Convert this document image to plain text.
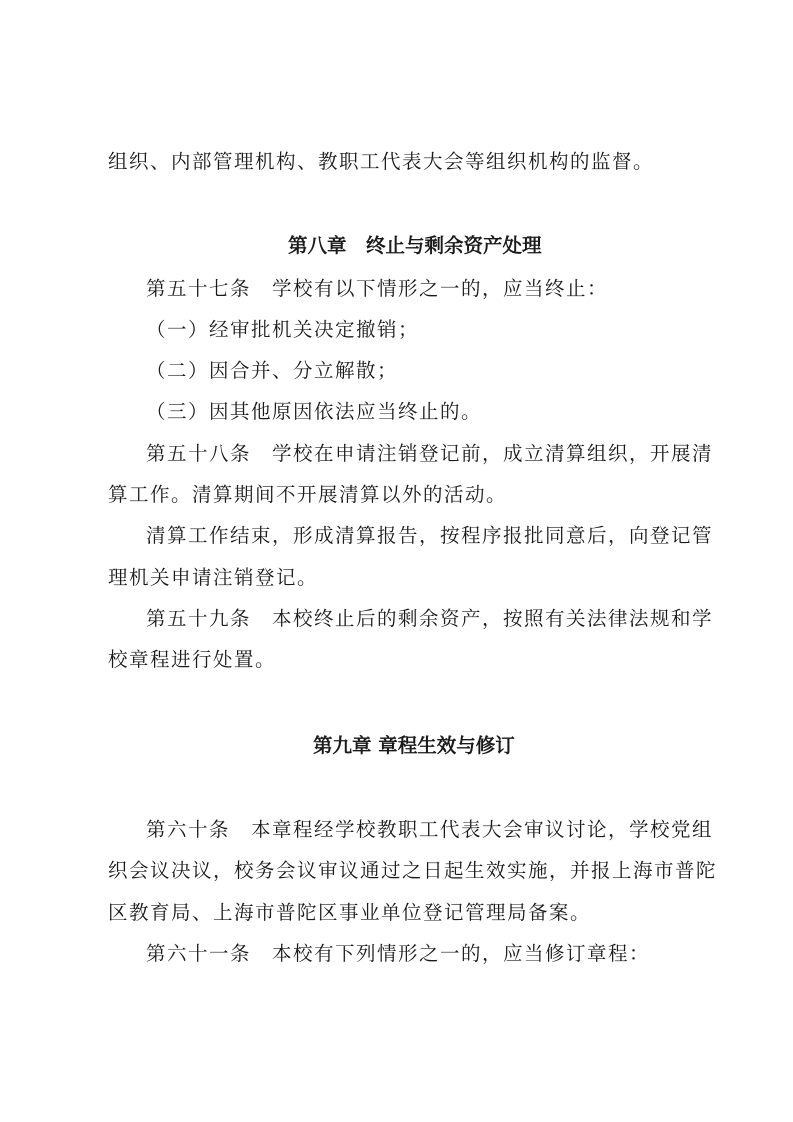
组织、内部管理机构、教职工代表大会等组织机构的监督。

第八章　终止与剩余资产处理

第五十七条　学校有以下情形之一的，应当终止：

（一）经审批机关决定撤销；

（二）因合并、分立解散；

（三）因其他原因依法应当终止的。

第五十八条　学校在申请注销登记前，成立清算组织，开展清

算工作。清算期间不开展清算以外的活动。

清算工作结束，形成清算报告，按程序报批同意后，向登记管

理机关申请注销登记。

第五十九条　本校终止后的剩余资产，按照有关法律法规和学

校章程进行处置。

第九章 章程生效与修订

第六十条　本章程经学校教职工代表大会审议讨论，学校党组

织会议决议，校务会议审议通过之日起生效实施，并报上海市普陀

区教育局、上海市普陀区事业单位登记管理局备案。

第六十一条　本校有下列情形之一的，应当修订章程：
